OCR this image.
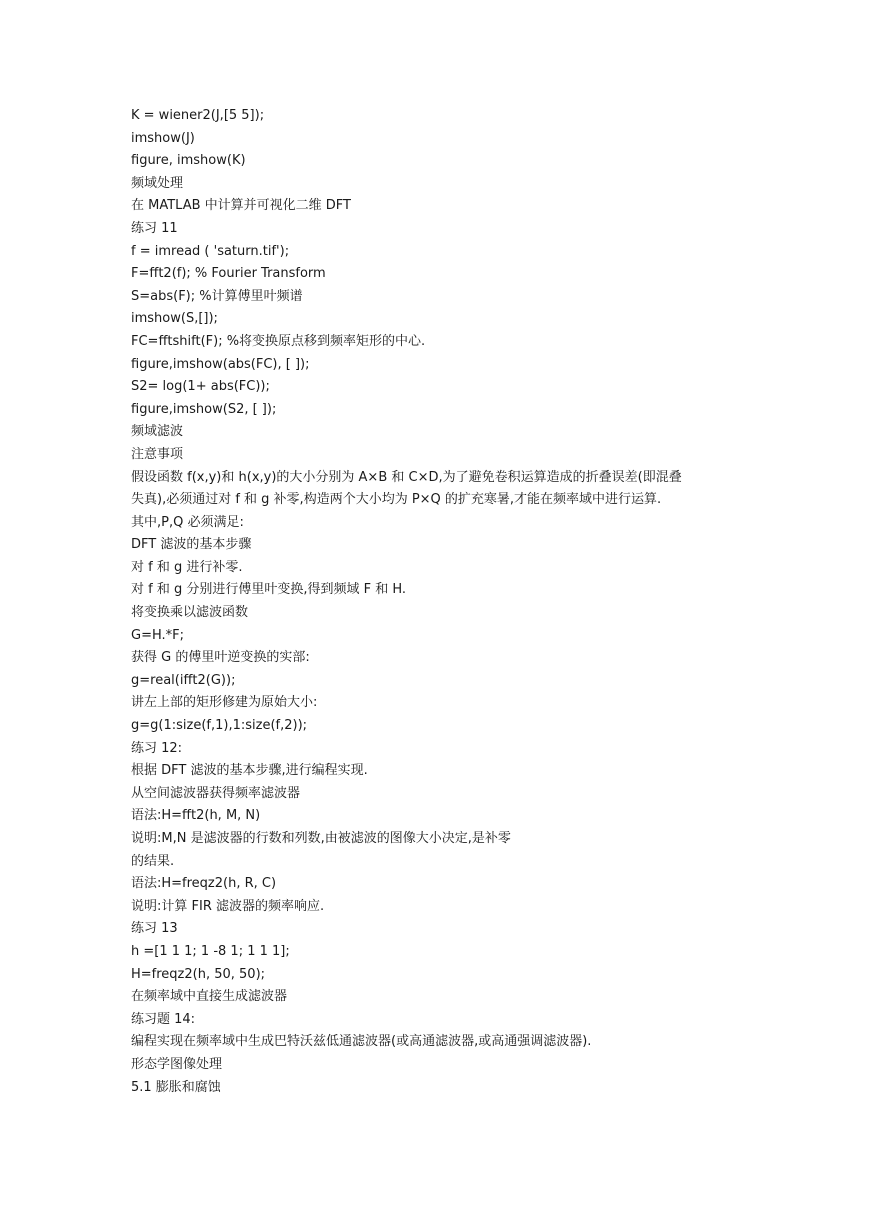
K = wiener2(J,[5 5]);
imshow(J)
figure, imshow(K)
频域处理
在 MATLAB 中计算并可视化二维 DFT
练习 11
f = imread ( 'saturn.tif');
F=fft2(f); % Fourier Transform
S=abs(F); %计算傅里叶频谱
imshow(S,[]);
FC=fftshift(F); %将变换原点移到频率矩形的中心.
figure,imshow(abs(FC), [ ]);
S2= log(1+ abs(FC));
figure,imshow(S2, [ ]);
频域滤波
注意事项
假设函数 f(x,y)和 h(x,y)的大小分别为 A×B 和 C×D,为了避免卷积运算造成的折叠误差(即混叠
失真),必须通过对 f 和 g 补零,构造两个大小均为 P×Q 的扩充寒暑,才能在频率域中进行运算.
其中,P,Q 必须满足:
DFT 滤波的基本步骤
对 f 和 g 进行补零.
对 f 和 g 分别进行傅里叶变换,得到频域 F 和 H.
将变换乘以滤波函数
G=H.*F;
获得 G 的傅里叶逆变换的实部:
g=real(ifft2(G));
讲左上部的矩形修建为原始大小:
g=g(1:size(f,1),1:size(f,2));
练习 12:
根据 DFT 滤波的基本步骤,进行编程实现.
从空间滤波器获得频率滤波器
语法:H=fft2(h, M, N)
说明:M,N 是滤波器的行数和列数,由被滤波的图像大小决定,是补零
的结果.
语法:H=freqz2(h, R, C)
说明:计算 FIR 滤波器的频率响应.
练习 13
h =[1 1 1; 1 -8 1; 1 1 1];
H=freqz2(h, 50, 50);
在频率域中直接生成滤波器
练习题 14:
编程实现在频率域中生成巴特沃兹低通滤波器(或高通滤波器,或高通强调滤波器).
形态学图像处理
5.1 膨胀和腐蚀
